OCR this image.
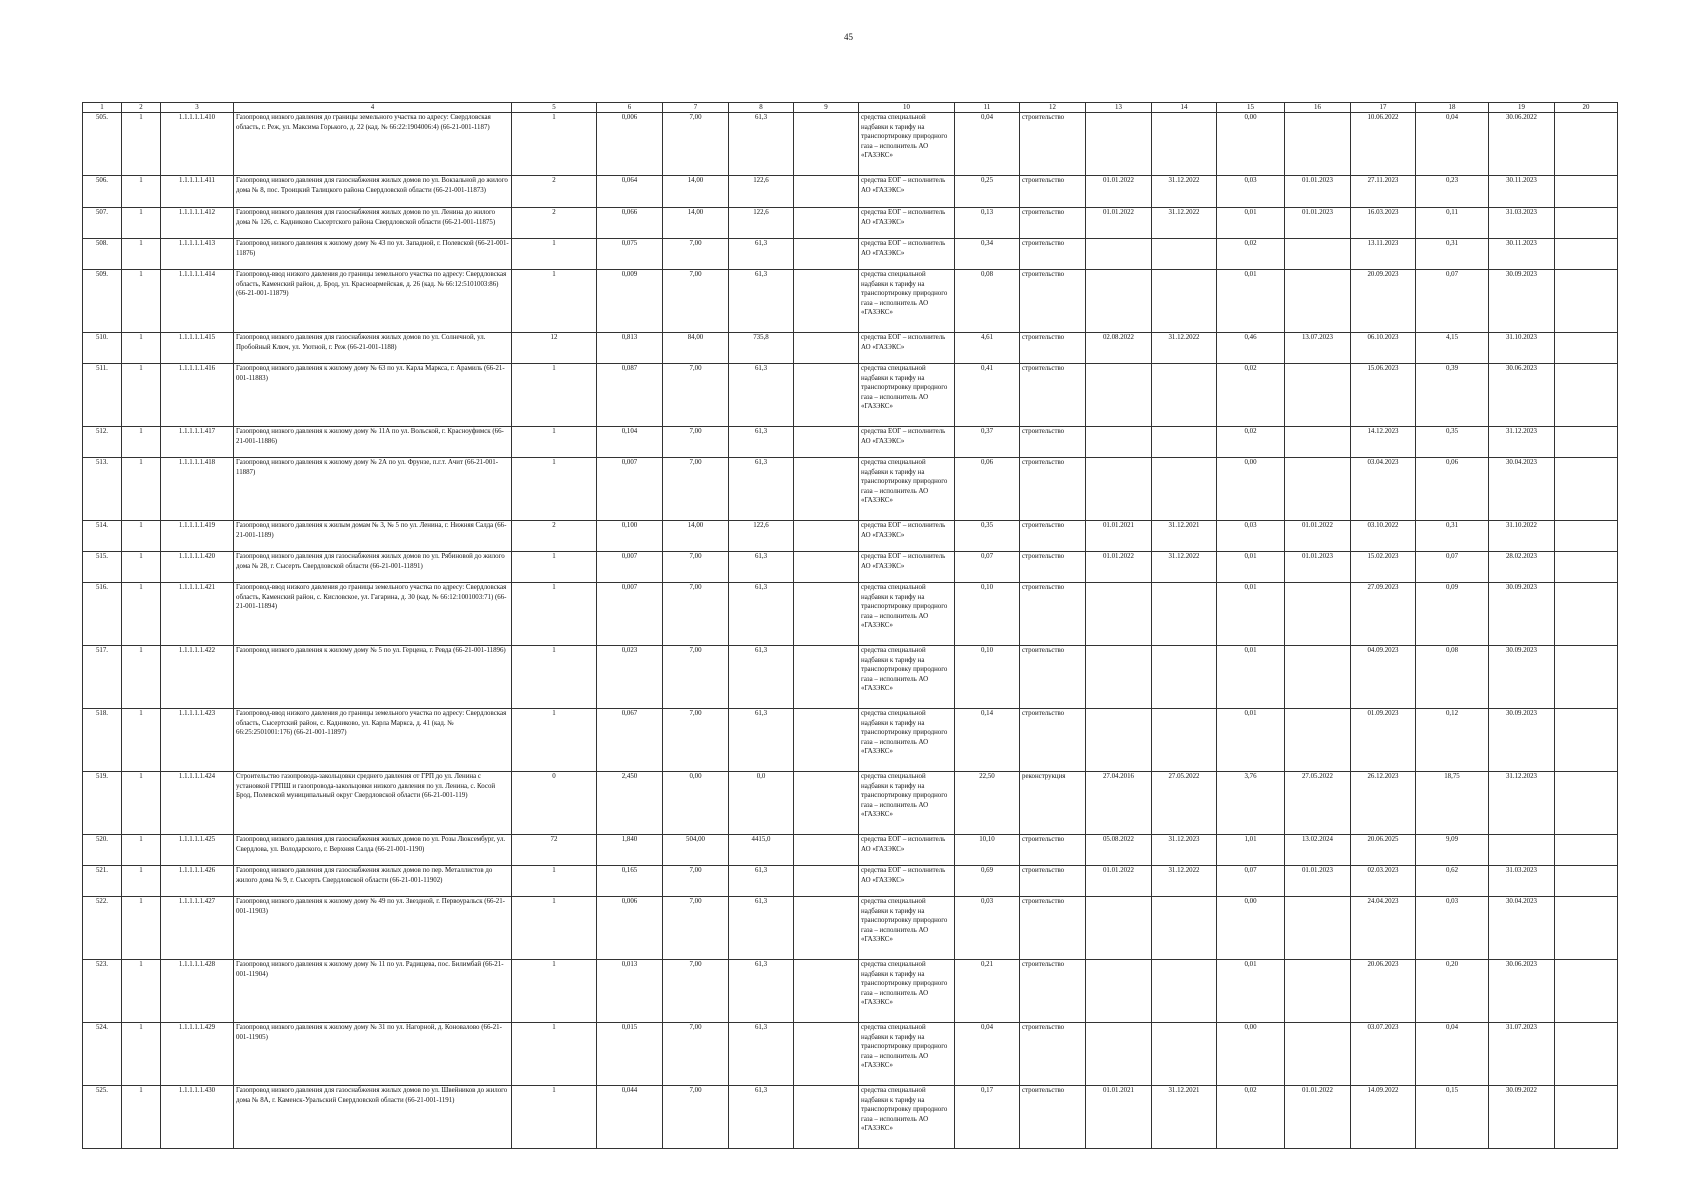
45
1	2	3	4	5	6	7	8	9	10	11	12	13	14	15	16	17	18	19	20
505.	1	1.1.1.1.1.410	Газопровод низкого давления до границы земельного участка по адресу: Свердловская область, г. Реж, ул. Максима Горького, д. 22 (кад. № 66:22:1904006:4) (66-21-001-1187)	1	0,006	7,00	61,3		средства специальной надбавки к тарифу на транспортировку природного газа – исполнитель АО «ГАЗЭКС»	0,04	строительство			0,00		10.06.2022	0,04	30.06.2022	
506.	1	1.1.1.1.1.411	Газопровод низкого давления для газоснабжения жилых домов по ул. Вокзальной до жилого дома № 8, пос. Троицкий Талицкого района Свердловской области (66-21-001-11873)	2	0,064	14,00	122,6		средства ЕОГ – исполнитель АО «ГАЗЭКС»	0,25	строительство	01.01.2022	31.12.2022	0,03	01.01.2023	27.11.2023	0,23	30.11.2023	
507.	1	1.1.1.1.1.412	Газопровод низкого давления для газоснабжения жилых домов по ул. Ленина до жилого дома № 126, с. Кадниково Сысертского района Свердловской области (66-21-001-11875)	2	0,066	14,00	122,6		средства ЕОГ – исполнитель АО «ГАЗЭКС»	0,13	строительство	01.01.2022	31.12.2022	0,01	01.01.2023	16.03.2023	0,11	31.03.2023	
508.	1	1.1.1.1.1.413	Газопровод низкого давления к жилому дому № 43 по ул. Западной, г. Полевской (66-21-001-11876)	1	0,075	7,00	61,3		средства ЕОГ – исполнитель АО «ГАЗЭКС»	0,34	строительство			0,02		13.11.2023	0,31	30.11.2023	
509.	1	1.1.1.1.1.414	Газопровод-ввод низкого давления до границы земельного участка по адресу: Свердловская область, Каменский район, д. Брод, ул. Красноармейская, д. 26 (кад. № 66:12:5101003:86) (66-21-001-11879)	1	0,009	7,00	61,3		средства специальной надбавки к тарифу на транспортировку природного газа – исполнитель АО «ГАЗЭКС»	0,08	строительство			0,01		20.09.2023	0,07	30.09.2023	
510.	1	1.1.1.1.1.415	Газопровод низкого давления для газоснабжения жилых домов по ул. Солнечной, ул. Пробойный Ключ, ул. Уютной, г. Реж (66-21-001-1188)	12	0,813	84,00	735,8		средства ЕОГ – исполнитель АО «ГАЗЭКС»	4,61	строительство	02.08.2022	31.12.2022	0,46	13.07.2023	06.10.2023	4,15	31.10.2023	
511.	1	1.1.1.1.1.416	Газопровод низкого давления к жилому дому № 63 по ул. Карла Маркса, г. Арамиль (66-21-001-11883)	1	0,087	7,00	61,3		средства специальной надбавки к тарифу на транспортировку природного газа – исполнитель АО «ГАЗЭКС»	0,41	строительство			0,02		15.06.2023	0,39	30.06.2023	
512.	1	1.1.1.1.1.417	Газопровод низкого давления к жилому дому № 11А по ул. Вольской, г. Красноуфимск (66-21-001-11886)	1	0,104	7,00	61,3		средства ЕОГ – исполнитель АО «ГАЗЭКС»	0,37	строительство			0,02		14.12.2023	0,35	31.12.2023	
513.	1	1.1.1.1.1.418	Газопровод низкого давления к жилому дому № 2А по ул. Фрунзе, п.г.т. Ачит (66-21-001-11887)	1	0,007	7,00	61,3		средства специальной надбавки к тарифу на транспортировку природного газа – исполнитель АО «ГАЗЭКС»	0,06	строительство			0,00		03.04.2023	0,06	30.04.2023	
514.	1	1.1.1.1.1.419	Газопровод низкого давления к жилым домам № 3, № 5 по ул. Ленина, г. Нижняя Салда (66-21-001-1189)	2	0,100	14,00	122,6		средства ЕОГ – исполнитель АО «ГАЗЭКС»	0,35	строительство	01.01.2021	31.12.2021	0,03	01.01.2022	03.10.2022	0,31	31.10.2022	
515.	1	1.1.1.1.1.420	Газопровод низкого давления для газоснабжения жилых домов по ул. Рябиновой до жилого дома № 28, г. Сысерть Свердловской области (66-21-001-11891)	1	0,007	7,00	61,3		средства ЕОГ – исполнитель АО «ГАЗЭКС»	0,07	строительство	01.01.2022	31.12.2022	0,01	01.01.2023	15.02.2023	0,07	28.02.2023	
516.	1	1.1.1.1.1.421	Газопровод-ввод низкого давления до границы земельного участка по адресу: Свердловская область, Каменский район, с. Кисловское, ул. Гагарина, д. 30 (кад. № 66:12:1001003:71) (66-21-001-11894)	1	0,007	7,00	61,3		средства специальной надбавки к тарифу на транспортировку природного газа – исполнитель АО «ГАЗЭКС»	0,10	строительство			0,01		27.09.2023	0,09	30.09.2023	
517.	1	1.1.1.1.1.422	Газопровод низкого давления к жилому дому № 5 по ул. Герцена, г. Ревда (66-21-001-11896)	1	0,023	7,00	61,3		средства специальной надбавки к тарифу на транспортировку природного газа – исполнитель АО «ГАЗЭКС»	0,10	строительство			0,01		04.09.2023	0,08	30.09.2023	
518.	1	1.1.1.1.1.423	Газопровод-ввод низкого давления до границы земельного участка по адресу: Свердловская область, Сысертский район, с. Кадниково, ул. Карла Маркса, д. 41 (кад. № 66:25:2501001:176) (66-21-001-11897)	1	0,067	7,00	61,3		средства специальной надбавки к тарифу на транспортировку природного газа – исполнитель АО «ГАЗЭКС»	0,14	строительство			0,01		01.09.2023	0,12	30.09.2023	
519.	1	1.1.1.1.1.424	Строительство газопровода-закольцовки среднего давления от ГРП до ул. Ленина с установкой ГРПШ и газопровода-закольцовки низкого давления по ул. Ленина, с. Косой Брод, Полевской муниципальный округ Свердловской области (66-21-001-119)	0	2,450	0,00	0,0		средства специальной надбавки к тарифу на транспортировку природного газа – исполнитель АО «ГАЗЭКС»	22,50	реконструкция	27.04.2016	27.05.2022	3,76	27.05.2022	26.12.2023	18,75	31.12.2023	
520.	1	1.1.1.1.1.425	Газопровод низкого давления для газоснабжения жилых домов по ул. Розы Люксембург, ул. Свердлова, ул. Володарского, г. Верхняя Салда (66-21-001-1190)	72	1,840	504,00	4415,0		средства ЕОГ – исполнитель АО «ГАЗЭКС»	10,10	строительство	05.08.2022	31.12.2023	1,01	13.02.2024	20.06.2025	9,09		
521.	1	1.1.1.1.1.426	Газопровод низкого давления для газоснабжения жилых домов по пер. Металлистов до жилого дома № 9, г. Сысерть Свердловской области (66-21-001-11902)	1	0,165	7,00	61,3		средства ЕОГ – исполнитель АО «ГАЗЭКС»	0,69	строительство	01.01.2022	31.12.2022	0,07	01.01.2023	02.03.2023	0,62	31.03.2023	
522.	1	1.1.1.1.1.427	Газопровод низкого давления к жилому дому № 49 по ул. Звездной, г. Первоуральск (66-21-001-11903)	1	0,006	7,00	61,3		средства специальной надбавки к тарифу на транспортировку природного газа – исполнитель АО «ГАЗЭКС»	0,03	строительство			0,00		24.04.2023	0,03	30.04.2023	
523.	1	1.1.1.1.1.428	Газопровод низкого давления к жилому дому № 11 по ул. Радищева, пос. Билимбай (66-21-001-11904)	1	0,013	7,00	61,3		средства специальной надбавки к тарифу на транспортировку природного газа – исполнитель АО «ГАЗЭКС»	0,21	строительство			0,01		20.06.2023	0,20	30.06.2023	
524.	1	1.1.1.1.1.429	Газопровод низкого давления к жилому дому № 31 по ул. Нагорной, д. Коновалово (66-21-001-11905)	1	0,015	7,00	61,3		средства специальной надбавки к тарифу на транспортировку природного газа – исполнитель АО «ГАЗЭКС»	0,04	строительство			0,00		03.07.2023	0,04	31.07.2023	
525.	1	1.1.1.1.1.430	Газопровод низкого давления для газоснабжения жилых домов по ул. Швейников до жилого дома № 8А, г. Каменск-Уральский Свердловской области (66-21-001-1191)	1	0,044	7,00	61,3		средства специальной надбавки к тарифу на транспортировку природного газа – исполнитель АО «ГАЗЭКС»	0,17	строительство	01.01.2021	31.12.2021	0,02	01.01.2022	14.09.2022	0,15	30.09.2022	
